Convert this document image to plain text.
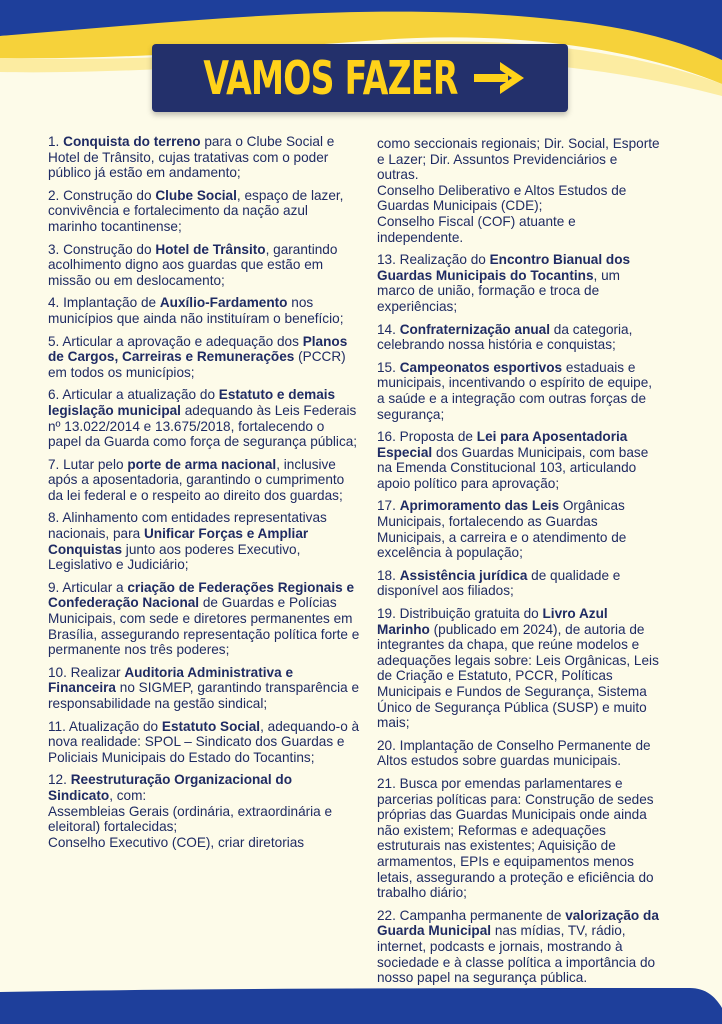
VAMOS FAZER

1. Conquista do terreno para o Clube Social e Hotel de Trânsito, cujas tratativas com o poder público já estão em andamento;

2. Construção do Clube Social, espaço de lazer, convivência e fortalecimento da nação azul marinho tocantinense;

3. Construção do Hotel de Trânsito, garantindo acolhimento digno aos guardas que estão em missão ou em deslocamento;

4. Implantação de Auxílio-Fardamento nos municípios que ainda não instituíram o benefício;

5. Articular a aprovação e adequação dos Planos de Cargos, Carreiras e Remunerações (PCCR) em todos os municípios;

6. Articular a atualização do Estatuto e demais legislação municipal adequando às Leis Federais nº 13.022/2014 e 13.675/2018, fortalecendo o papel da Guarda como força de segurança pública;

7. Lutar pelo porte de arma nacional, inclusive após a aposentadoria, garantindo o cumprimento da lei federal e o respeito ao direito dos guardas;

8. Alinhamento com entidades representativas nacionais, para Unificar Forças e Ampliar Conquistas junto aos poderes Executivo, Legislativo e Judiciário;

9. Articular a criação de Federações Regionais e Confederação Nacional de Guardas e Polícias Municipais, com sede e diretores permanentes em Brasília, assegurando representação política forte e permanente nos três poderes;

10. Realizar Auditoria Administrativa e Financeira no SIGMEP, garantindo transparência e responsabilidade na gestão sindical;

11. Atualização do Estatuto Social, adequando-o à nova realidade: SPOL – Sindicato dos Guardas e Policiais Municipais do Estado do Tocantins;

12. Reestruturação Organizacional do Sindicato, com:
Assembleias Gerais (ordinária, extraordinária e eleitoral) fortalecidas;
Conselho Executivo (COE), criar diretorias

como seccionais regionais; Dir. Social, Esporte e Lazer; Dir. Assuntos Previdenciários e outras.
Conselho Deliberativo e Altos Estudos de Guardas Municipais (CDE);
Conselho Fiscal (COF) atuante e independente.

13. Realização do Encontro Bianual dos Guardas Municipais do Tocantins, um marco de união, formação e troca de experiências;

14. Confraternização anual da categoria, celebrando nossa história e conquistas;

15. Campeonatos esportivos estaduais e municipais, incentivando o espírito de equipe, a saúde e a integração com outras forças de segurança;

16. Proposta de Lei para Aposentadoria Especial dos Guardas Municipais, com base na Emenda Constitucional 103, articulando apoio político para aprovação;

17. Aprimoramento das Leis Orgânicas Municipais, fortalecendo as Guardas Municipais, a carreira e o atendimento de excelência à população;

18. Assistência jurídica de qualidade e disponível aos filiados;

19. Distribuição gratuita do Livro Azul Marinho (publicado em 2024), de autoria de integrantes da chapa, que reúne modelos e adequações legais sobre: Leis Orgânicas, Leis de Criação e Estatuto, PCCR, Políticas Municipais e Fundos de Segurança, Sistema Único de Segurança Pública (SUSP) e muito mais;

20. Implantação de Conselho Permanente de Altos estudos sobre guardas municipais.

21. Busca por emendas parlamentares e parcerias políticas para: Construção de sedes próprias das Guardas Municipais onde ainda não existem; Reformas e adequações estruturais nas existentes; Aquisição de armamentos, EPIs e equipamentos menos letais, assegurando a proteção e eficiência do trabalho diário;

22. Campanha permanente de valorização da Guarda Municipal nas mídias, TV, rádio, internet, podcasts e jornais, mostrando à sociedade e à classe política a importância do nosso papel na segurança pública.
